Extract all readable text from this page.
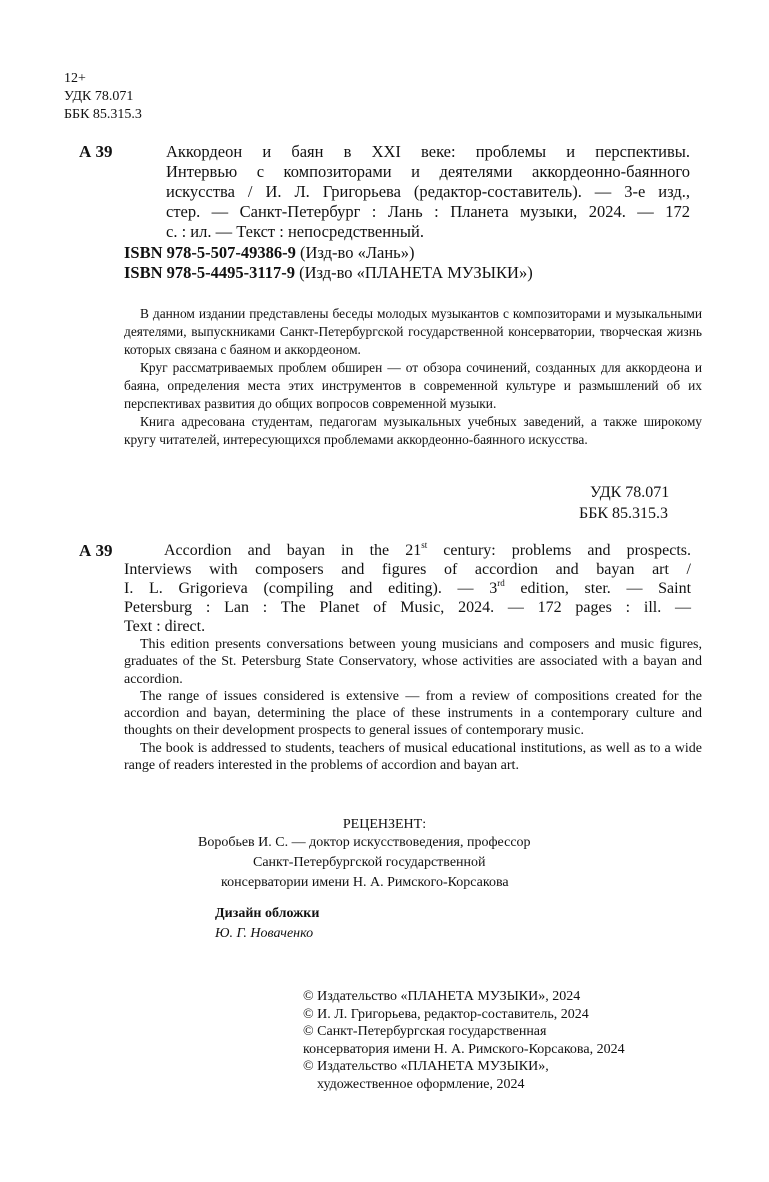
12+
УДК 78.071
ББК 85.315.3
А 39	Аккордеон и баян в XXI веке: проблемы и перспективы.
Интервью с композиторами и деятелями аккордеонно-баянного
искусства / И. Л. Григорьева (редактор-составитель). — 3-е изд.,
стер. — Санкт-Петербург : Лань : Планета музыки, 2024. — 172
с. : ил. — Текст : непосредственный.
ISBN 978-5-507-49386-9 (Изд-во «Лань»)
ISBN 978-5-4495-3117-9 (Изд-во «ПЛАНЕТА МУЗЫКИ»)

В данном издании представлены беседы молодых музыкантов с композиторами и музыкальными деятелями, выпускниками Санкт-Петербургской государственной консерватории, творческая жизнь которых связана с баяном и аккордеоном.

Круг рассматриваемых проблем обширен — от обзора сочинений, созданных для аккордеона и баяна, определения места этих инструментов в современной культуре и размышлений об их перспективах развития до общих вопросов современной музыки.

Книга адресована студентам, педагогам музыкальных учебных заведений, а также широкому кругу читателей, интересующихся проблемами аккордеонно-баянного искусства.

УДК 78.071
ББК 85.315.3
А 39	Accordion and bayan in the 21st century: problems and prospects.

Interviews with composers and figures of accordion and bayan art /

I. L. Grigorieva (compiling and editing). — 3rd edition, ster. — Saint

Petersburg : Lan : The Planet of Music, 2024. — 172 pages : ill. —

Text : direct.

This edition presents conversations between young musicians and composers and music figures, graduates of the St. Petersburg State Conservatory, whose activities are associated with a bayan and accordion.

The range of issues considered is extensive — from a review of compositions created for the accordion and bayan, determining the place of these instruments in a contemporary culture and thoughts on their development prospects to general issues of contemporary music.

The book is addressed to students, teachers of musical educational institutions, as well as to a wide range of readers interested in the problems of accordion and bayan art.

РЕЦЕНЗЕНТ:
Воробьев И. С. — доктор искусствоведения, профессор
Санкт-Петербургской государственной
консерватории имени Н. А. Римского-Корсакова
Дизайн обложки
Ю. Г. Новаченко
© Издательство «ПЛАНЕТА МУЗЫКИ», 2024
© И. Л. Григорьева, редактор-составитель, 2024
© Санкт-Петербургская государственная
консерватория имени Н. А. Римского-Корсакова, 2024
© Издательство «ПЛАНЕТА МУЗЫКИ»,
художественное оформление, 2024
